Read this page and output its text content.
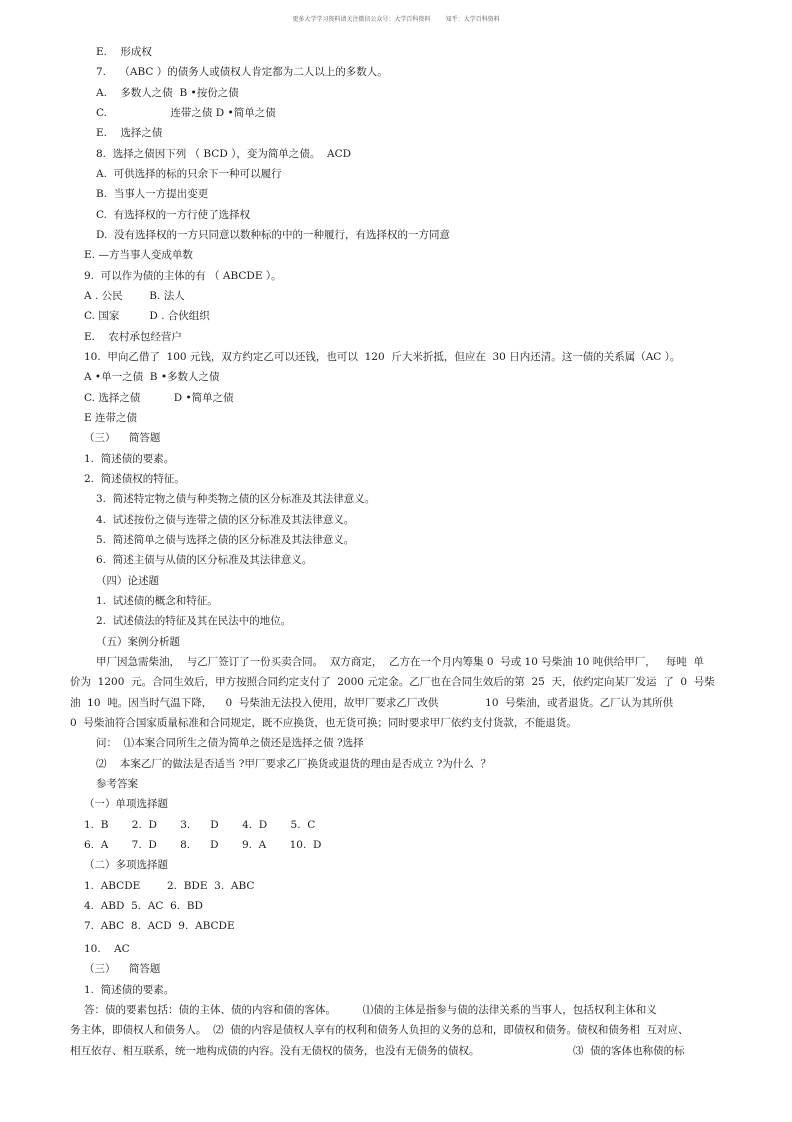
更多大学学习资料请关注微信公众号：大学百科资料        知乎：大学百科资料
E.    形成权
7.    （ABC ）的债务人或债权人肯定都为二人以上的多数人。
A.    多数人之债  B •按份之债
C.                   连带之债 D •简单之债
E.    选择之债
8.  选择之债因下列 （ BCD ），变为简单之债。  ACD
A.  可供选择的标的只余下一种可以履行
B.  当事人一方提出变更
C.  有选择权的一方行使了选择权
D.  没有选择权的一方只同意以数种标的中的一种履行，有选择权的一方同意
E. —方当事人变成单数
9.  可以作为债的主体的有 （ ABCDE ）。
A . 公民        B. 法人
C. 国家         D . 合伙组织
E.    农村承包经营户
10.  甲向乙借了  100 元钱，双方约定乙可以还钱，也可以  120  斤大米折抵，但应在  30 日内还清。这一债的关系属（AC ）。
A •单一之债  B •多数人之债
C. 选择之债          D •简单之债
E 连带之债
（三）    简答题
1.  简述债的要素。
2.  简述债权的特征。
3.  简述特定物之债与种类物之债的区分标准及其法律意义。
4.  试述按份之债与连带之债的区分标准及其法律意义。
5.  简述简单之债与选择之债的区分标准及其法律意义。
6.  简述主债与从债的区分标准及其法律意义。
（四）论述题
1.  试述债的概念和特征。
2.  试述债法的特征及其在民法中的地位。
（五）案例分析题
甲厂因急需柴油，  与乙厂签订了一份买卖合同。  双方商定，  乙方在一个月内筹集 0  号或 10 号柴油 10 吨供给甲厂，   每吨  单
价为  1200  元。合同生效后，甲方按照合同约定支付了  2000 元定金。乙厂也在合同生效后的第  25  天，依约定向某厂发运  了  0  号柴
油  10  吨。因当时气温下降，    0  号柴油无法投入使用，故甲厂要求乙厂改供              10  号柴油，或者退货。乙厂认为其所供
0  号柴油符合国家质量标准和合同规定，既不应换货，也无货可换；同时要求甲厂依约支付货款，不能退货。
问：  ⑴本案合同所生之债为简单之债还是选择之债 ?选择
⑵    本案乙厂的做法是否适当 ?甲厂要求乙厂换货或退货的理由是否成立 ?为什么  ？
参考答案
（一）单项选择题
1.  B       2.  D       3.      D       4.  D       5.  C
6.  A       7.  D       8.      D       9.  A       10.  D
（二）多项选择题
1.  ABCDE        2.  BDE  3.  ABC
4.  ABD  5.  AC  6.  BD
7.  ABC  8.  ACD  9.  ABCDE
10.    AC
（三）    简答题
1.  简述债的要素。
答：债的要素包括：债的主体、债的内容和债的客体。        ⑴债的主体是指参与债的法律关系的当事人，包括权利主体和义
务主体，即债权人和债务人。  ⑵  债的内容是债权人享有的权利和债务人负担的义务的总和，即债权和债务。债权和债务相  互对应、
相互依存、相互联系，统一地构成债的内容。没有无债权的债务，也没有无债务的债权。                            ⑶  债的客体也称债的标
